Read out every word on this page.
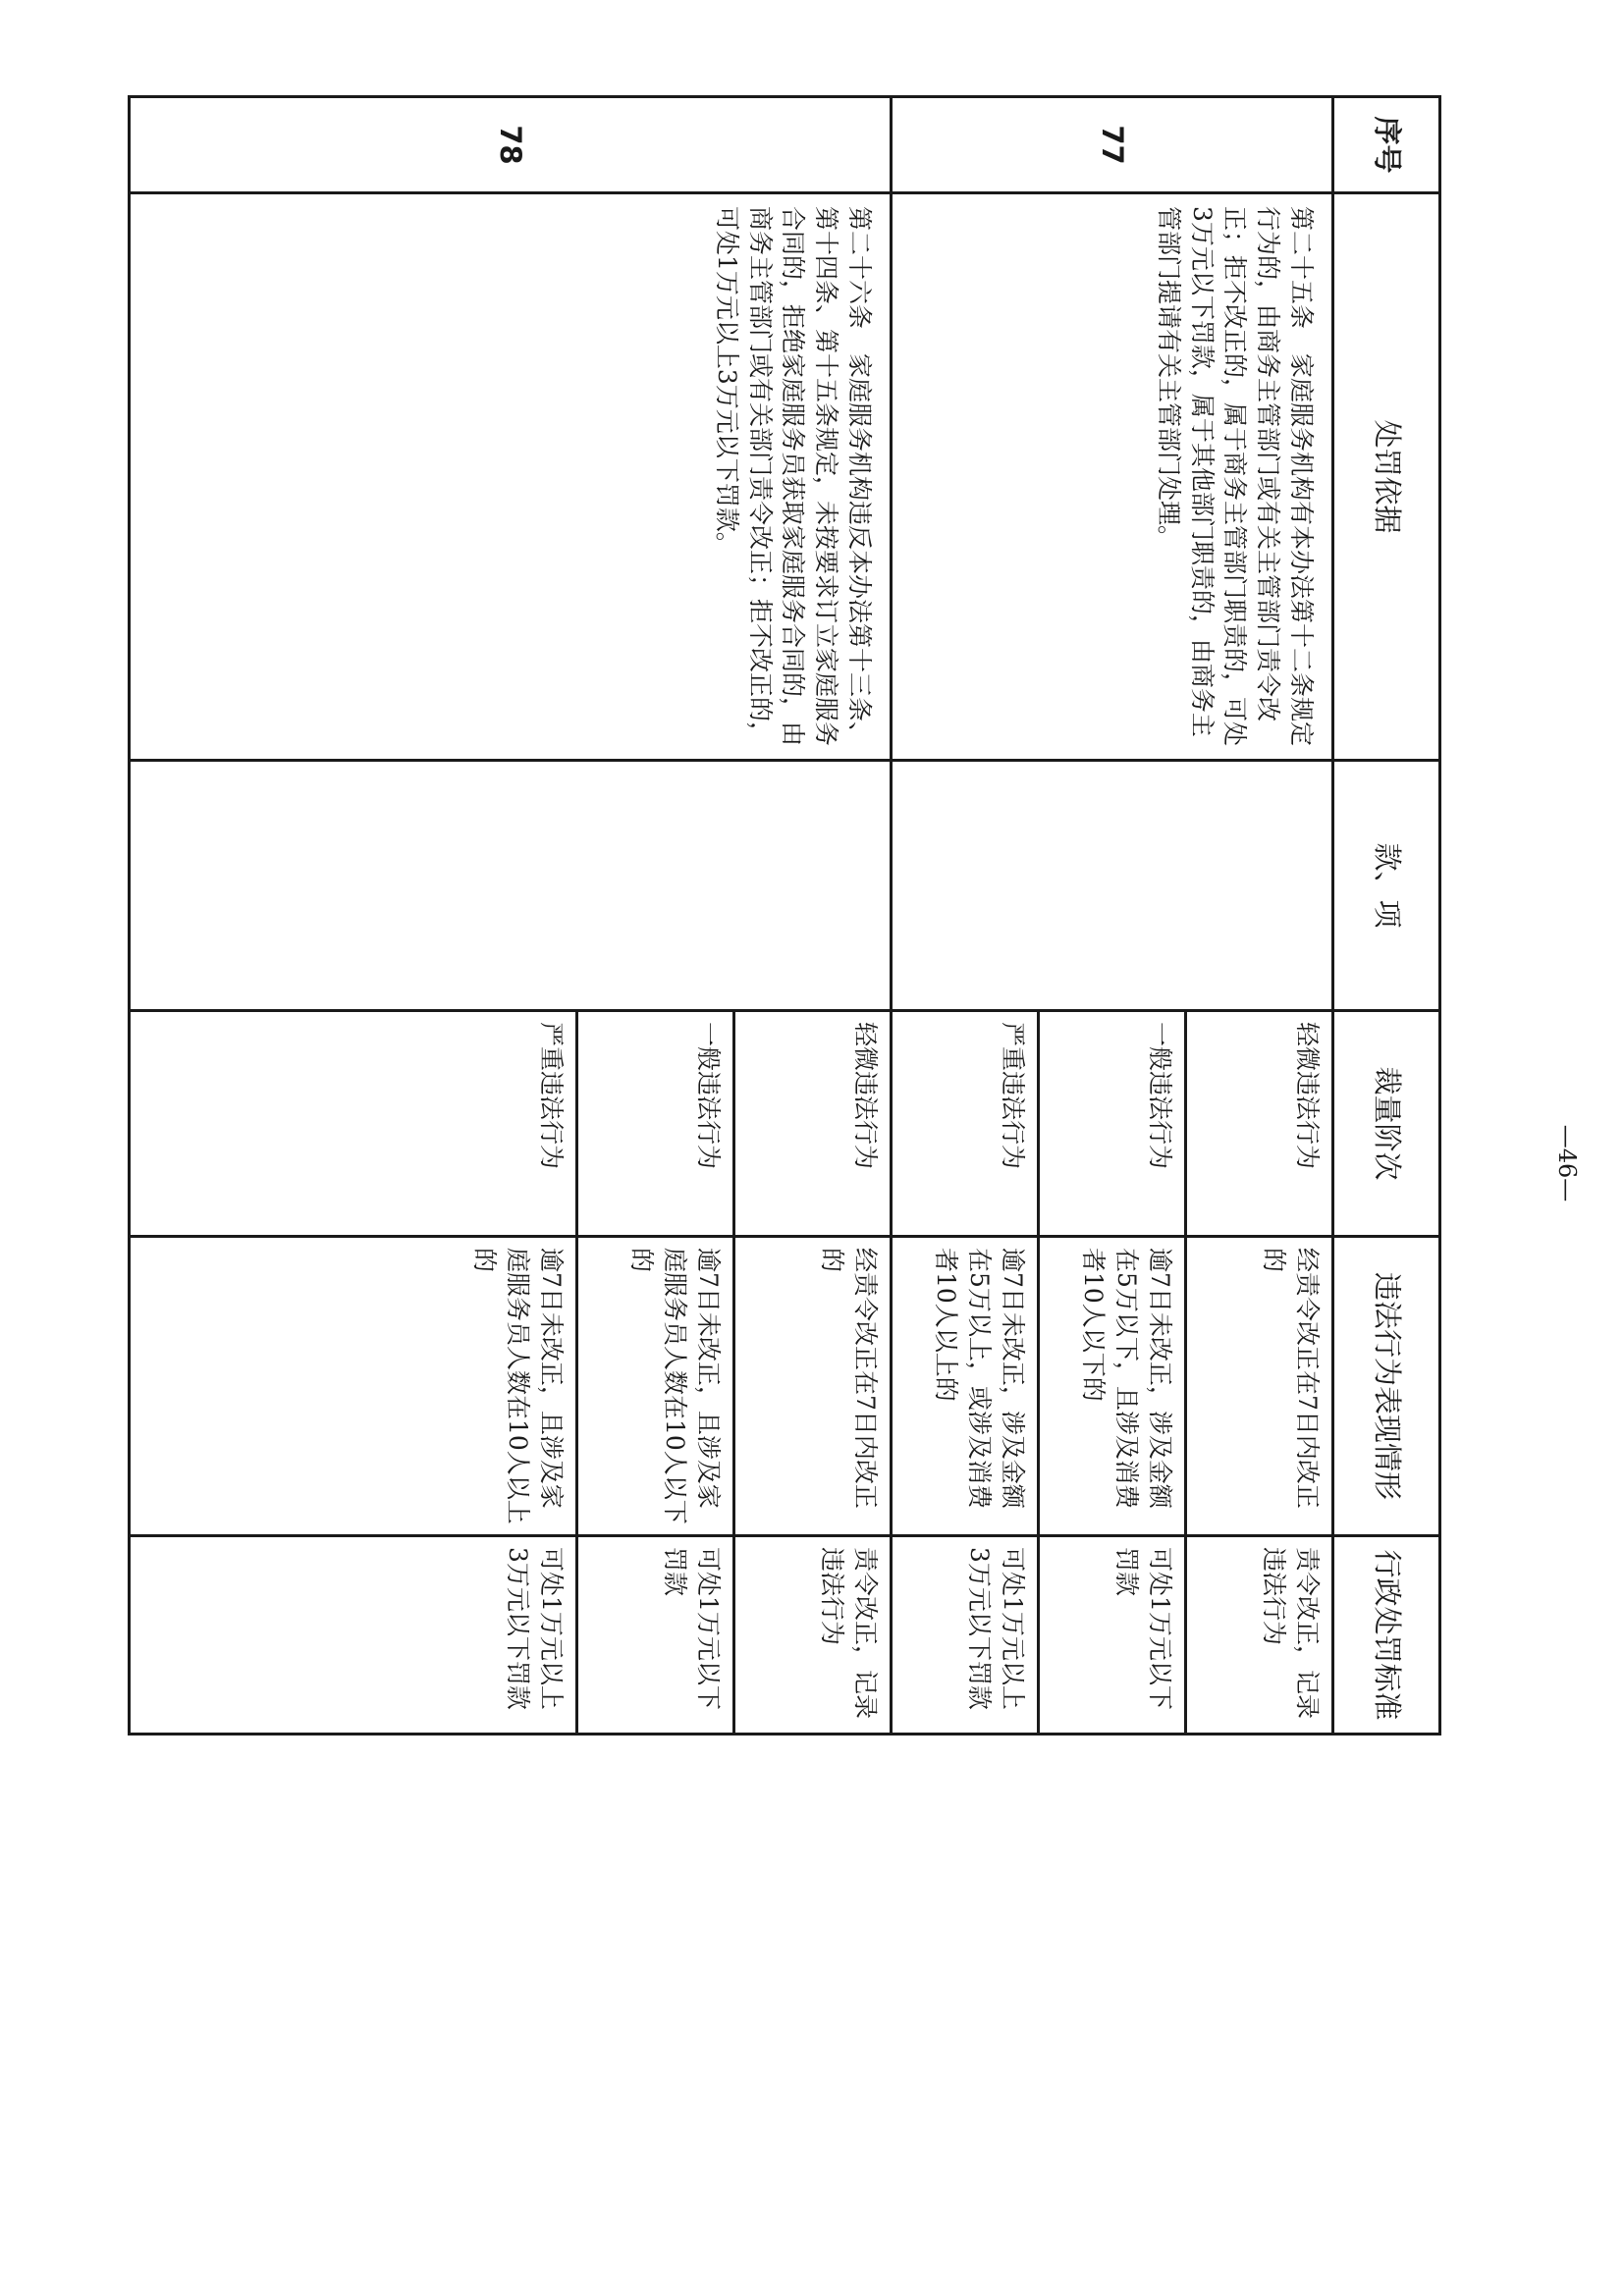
序号	处罚依据	款、项	裁量阶次	违法行为表现情形	行政处罚标准
77	第二十五条　家庭服务机构有本办法第十二条规定行为的，由商务主管部门或有关主管部门责令改正；拒不改正的，属于商务主管部门职责的，可处3万元以下罚款，属于其他部门职责的，由商务主管部门提请有关主管部门处理。		轻微违法行为	经责令改正在7日内改正的	责令改正，记录违法行为
			一般违法行为	逾7日未改正，涉及金额在5万以下，且涉及消费者10人以下的	可处1万元以下罚款
			严重违法行为	逾7日未改正，涉及金额在5万以上，或涉及消费者10人以上的	可处1万元以上3万元以下罚款
78	第二十六条　家庭服务机构违反本办法第十三条、第十四条、第十五条规定，未按要求订立家庭服务合同的，拒绝家庭服务员获取家庭服务合同的，由商务主管部门或有关部门责令改正；拒不改正的，可处1万元以上3万元以下罚款。		轻微违法行为	经责令改正在7日内改正的	责令改正，记录违法行为
			一般违法行为	逾7日未改正，且涉及家庭服务员人数在10人以下的	可处1万元以下罚款
			严重违法行为	逾7日未改正，且涉及家庭服务员人数在10人以上的	可处1万元以上3万元以下罚款
—46—
